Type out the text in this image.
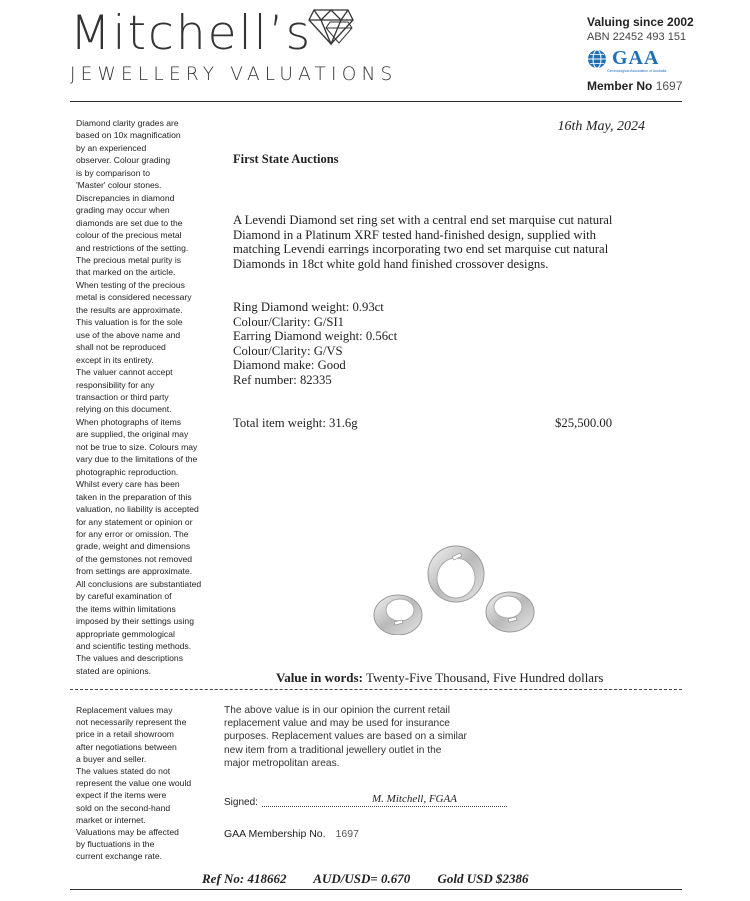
Mitchell’s
JEWELLERY VALUATIONS
Valuing since 2002
ABN 22452 493 151
GAA
Gemmological Association of Australia
Member No 1697
Diamond clarity grades are
based on 10x magnification
by an experienced
observer. Colour grading
is by comparison to
'Master' colour stones.
Discrepancies in diamond
grading may occur when
diamonds are set due to the
colour of the precious metal
and restrictions of the setting.
The precious metal purity is
that marked on the article.
When testing of the precious
metal is considered necessary
the results are approximate.
This valuation is for the sole
use of the above name and
shall not be reproduced
except in its entirety.
The valuer cannot accept
responsibility for any
transaction or third party
relying on this document.
When photographs of items
are supplied, the original may
not be true to size. Colours may
vary due to the limitations of the
photographic reproduction.
Whilst every care has been
taken in the preparation of this
valuation, no liability is accepted
for any statement or opinion or
for any error or omission. The
grade, weight and dimensions
of the gemstones not removed
from settings are approximate.
All conclusions are substantiated
by careful examination of
the items within limitations
imposed by their settings using
appropriate gemmological
and scientific testing methods.
The values and descriptions
stated are opinions.
16th May, 2024
First State Auctions
A Levendi Diamond set ring set with a central end set marquise cut natural
Diamond in a Platinum XRF tested hand-finished design, supplied with
matching Levendi earrings incorporating two end set marquise cut natural
Diamonds in 18ct white gold hand finished crossover designs.
Ring Diamond weight: 0.93ct
Colour/Clarity: G/SI1
Earring Diamond weight: 0.56ct
Colour/Clarity: G/VS
Diamond make: Good
Ref number: 82335
Total item weight: 31.6g	$25,500.00
Value in words: Twenty-Five Thousand, Five Hundred dollars
Replacement values may
not necessarily represent the
price in a retail showroom
after negotiations between
a buyer and seller.
The values stated do not
represent the value one would
expect if the items were
sold on the second-hand
market or internet.
Valuations may be affected
by fluctuations in the
current exchange rate.
The above value is in our opinion the current retail
replacement value and may be used for insurance
purposes. Replacement values are based on a similar
new item from a traditional jewellery outlet in the
major metropolitan areas.
Signed:	M. Mitchell, FGAA
GAA Membership No. 1697
Ref No: 418662 AUD/USD= 0.670 Gold USD $2386
